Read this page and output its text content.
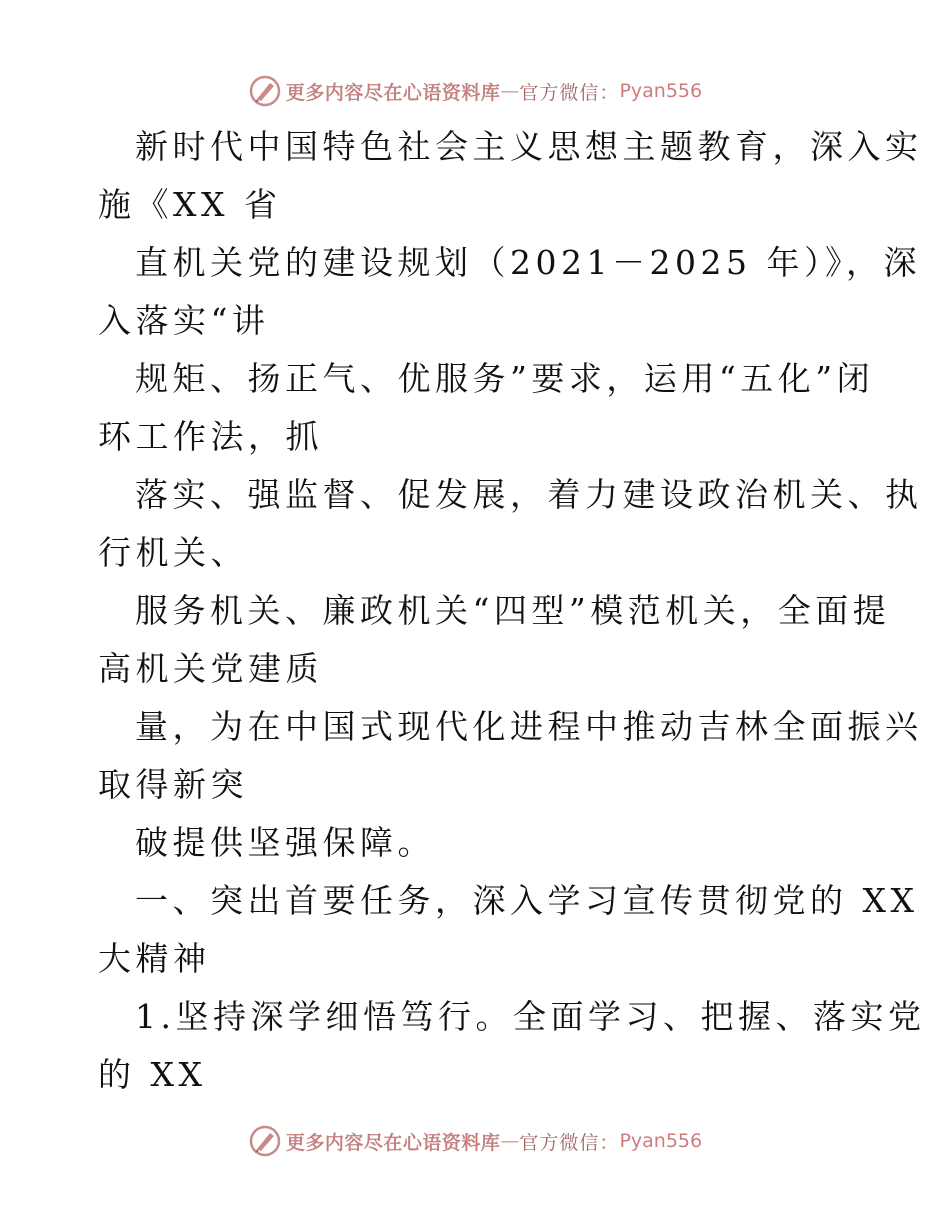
更多内容尽在心语资料库 — 官方微信： Pyan556
新时代中国特色社会主义思想主题教育，深入实
施《XX 省
直机关党的建设规划（2021－2025 年）》，深
入落实“讲
规矩、扬正气、优服务”要求，运用“五化”闭
环工作法，抓
落实、强监督、促发展，着力建设政治机关、执
行机关、
服务机关、廉政机关“四型”模范机关，全面提
高机关党建质
量，为在中国式现代化进程中推动吉林全面振兴
取得新突
破提供坚强保障。
一、突出首要任务，深入学习宣传贯彻党的 XX
大精神
1.坚持深学细悟笃行。全面学习、把握、落实党
的 XX
更多内容尽在心语资料库 — 官方微信： Pyan556
